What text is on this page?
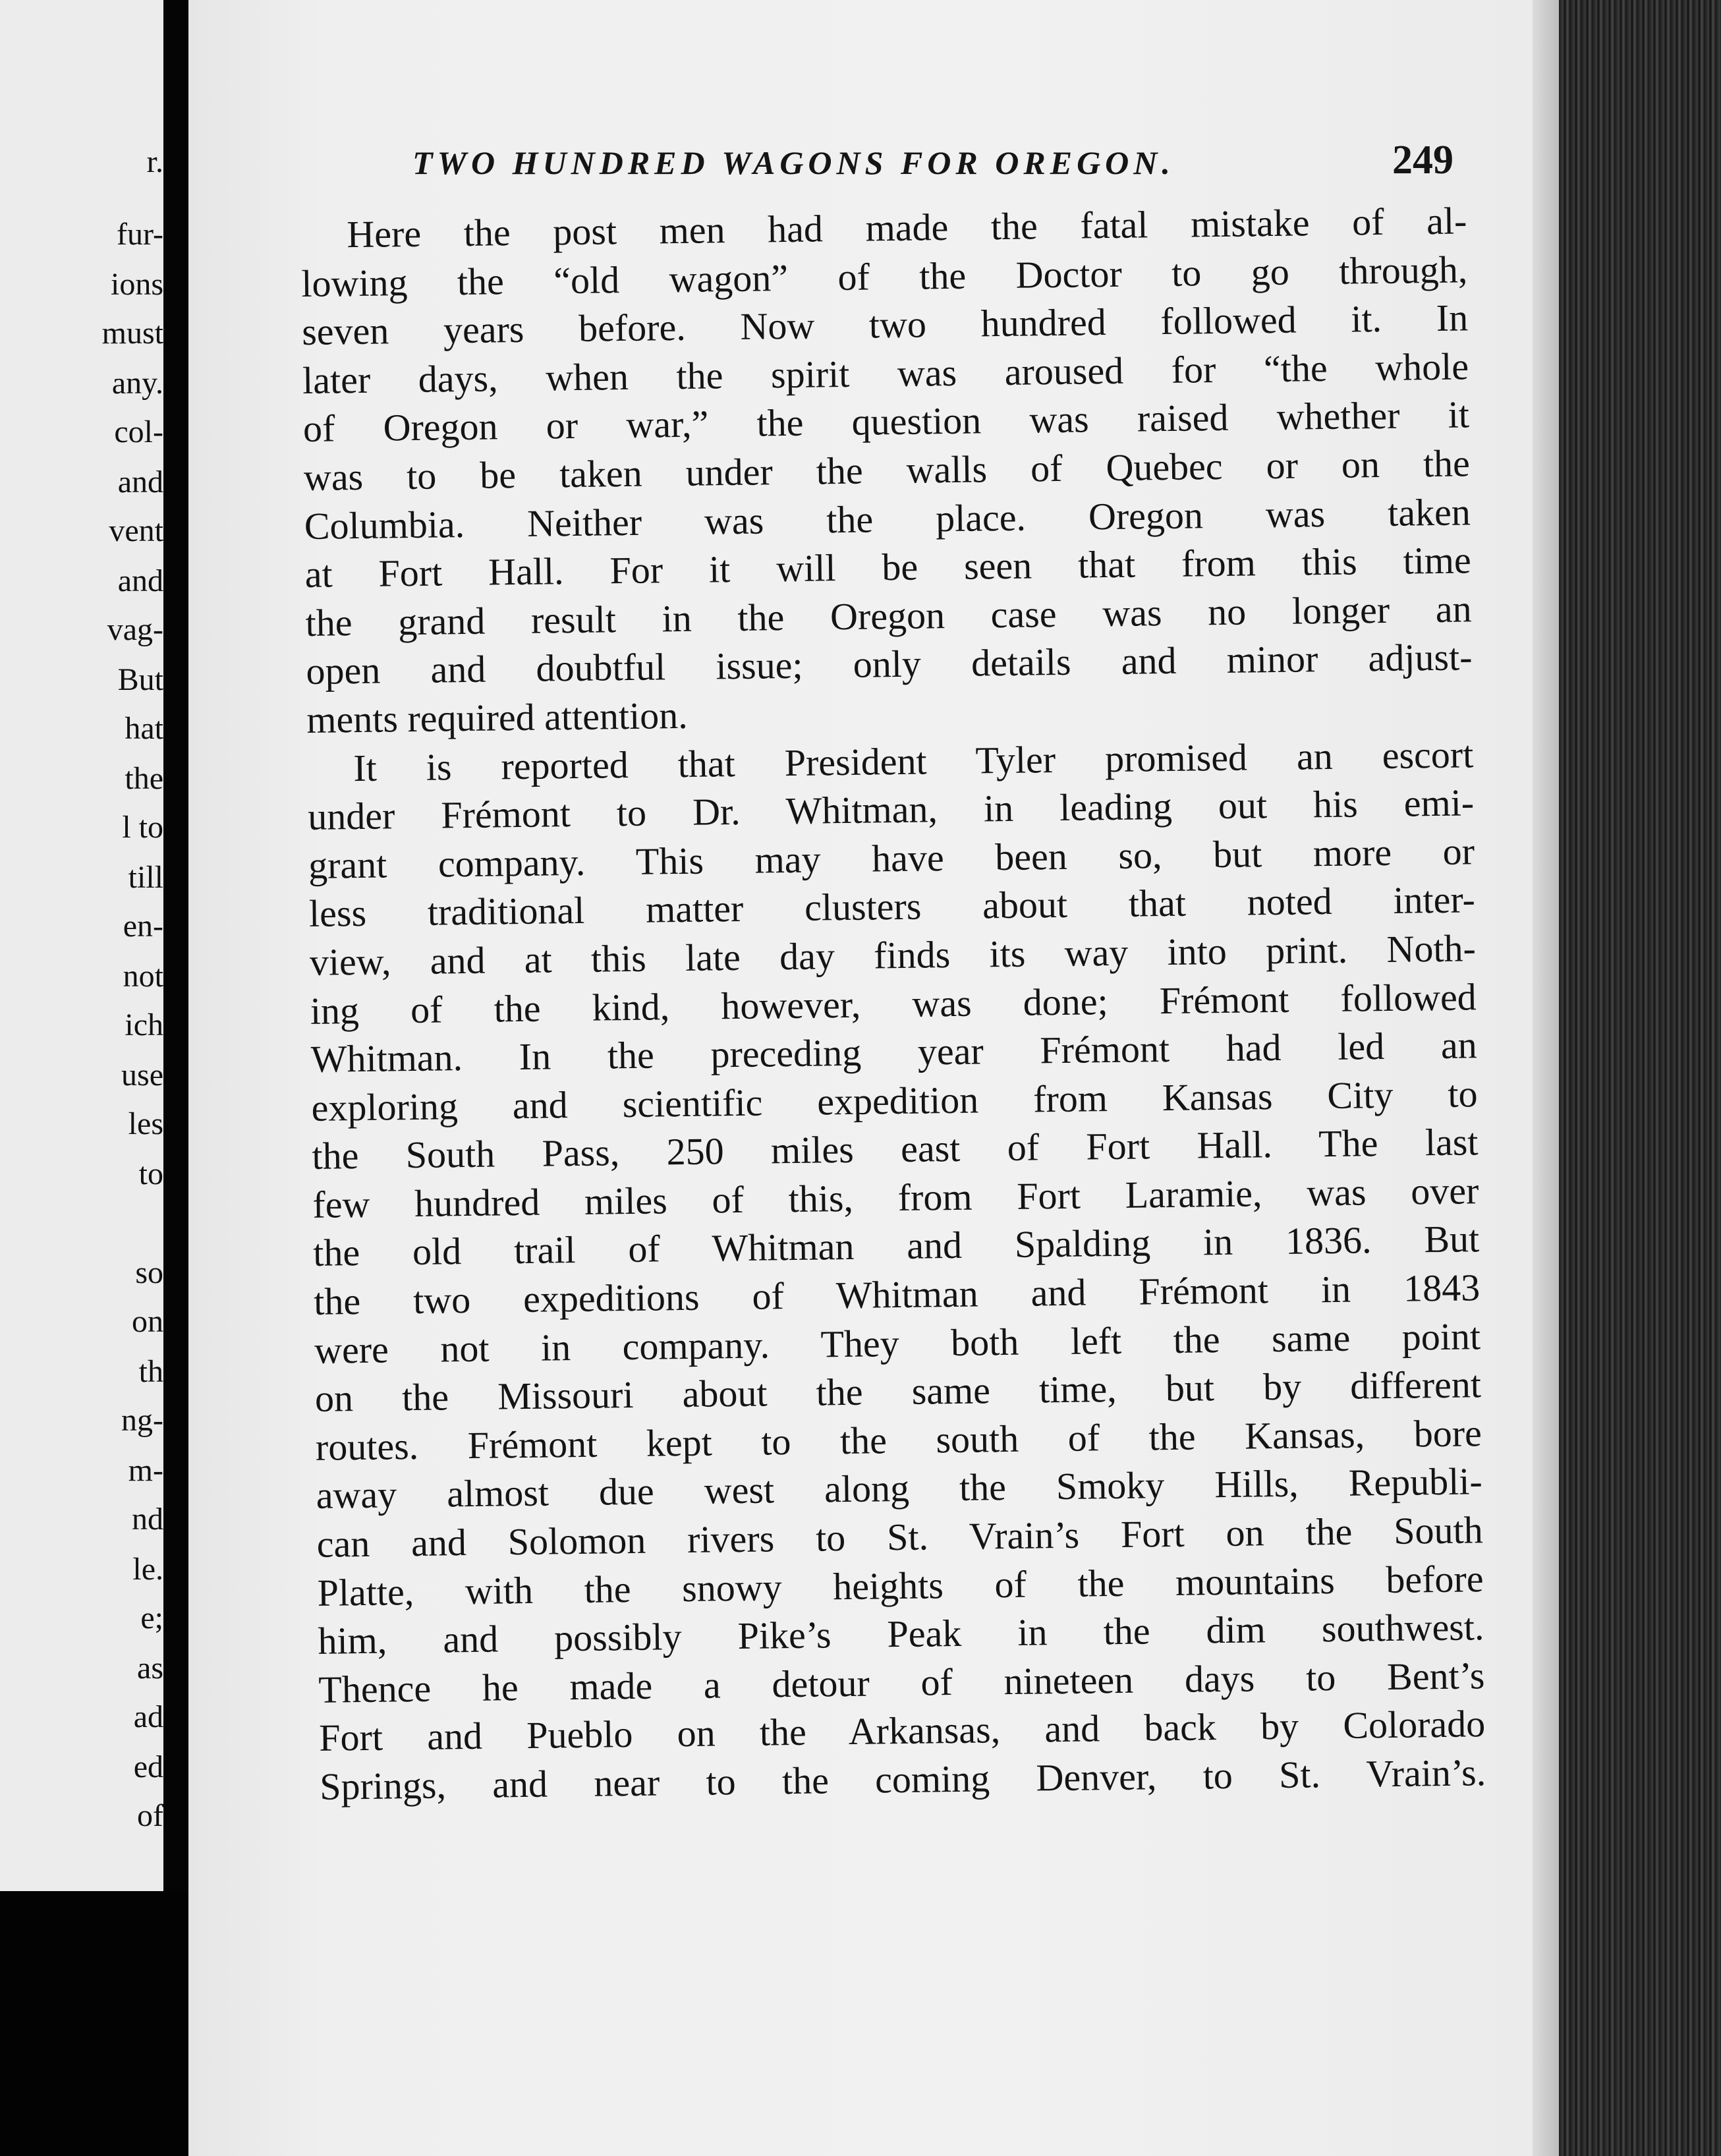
r.
fur-
ions
must
any.
col-
and
vent
and
vag-
But
hat
the
l to
till
en-
not
ich
use
les
to
so
on
th
ng-
m-
nd
le.
e;
as
ad
ed
of
TWO HUNDRED WAGONS FOR OREGON.	249
Here the post men had made the fatal mistake of al-
lowing the “old wagon” of the Doctor to go through,
seven years before. Now two hundred followed it. In
later days, when the spirit was aroused for “the whole
of Oregon or war,” the question was raised whether it
was to be taken under the walls of Quebec or on the
Columbia. Neither was the place. Oregon was taken
at Fort Hall. For it will be seen that from this time
the grand result in the Oregon case was no longer an
open and doubtful issue; only details and minor adjust-
ments required attention.
It is reported that President Tyler promised an escort
under Frémont to Dr. Whitman, in leading out his emi-
grant company. This may have been so, but more or
less traditional matter clusters about that noted inter-
view, and at this late day finds its way into print. Noth-
ing of the kind, however, was done; Frémont followed
Whitman. In the preceding year Frémont had led an
exploring and scientific expedition from Kansas City to
the South Pass, 250 miles east of Fort Hall. The last
few hundred miles of this, from Fort Laramie, was over
the old trail of Whitman and Spalding in 1836. But
the two expeditions of Whitman and Frémont in 1843
were not in company. They both left the same point
on the Missouri about the same time, but by different
routes. Frémont kept to the south of the Kansas, bore
away almost due west along the Smoky Hills, Republi-
can and Solomon rivers to St. Vrain’s Fort on the South
Platte, with the snowy heights of the mountains before
him, and possibly Pike’s Peak in the dim southwest.
Thence he made a detour of nineteen days to Bent’s
Fort and Pueblo on the Arkansas, and back by Colorado
Springs, and near to the coming Denver, to St. Vrain’s.
